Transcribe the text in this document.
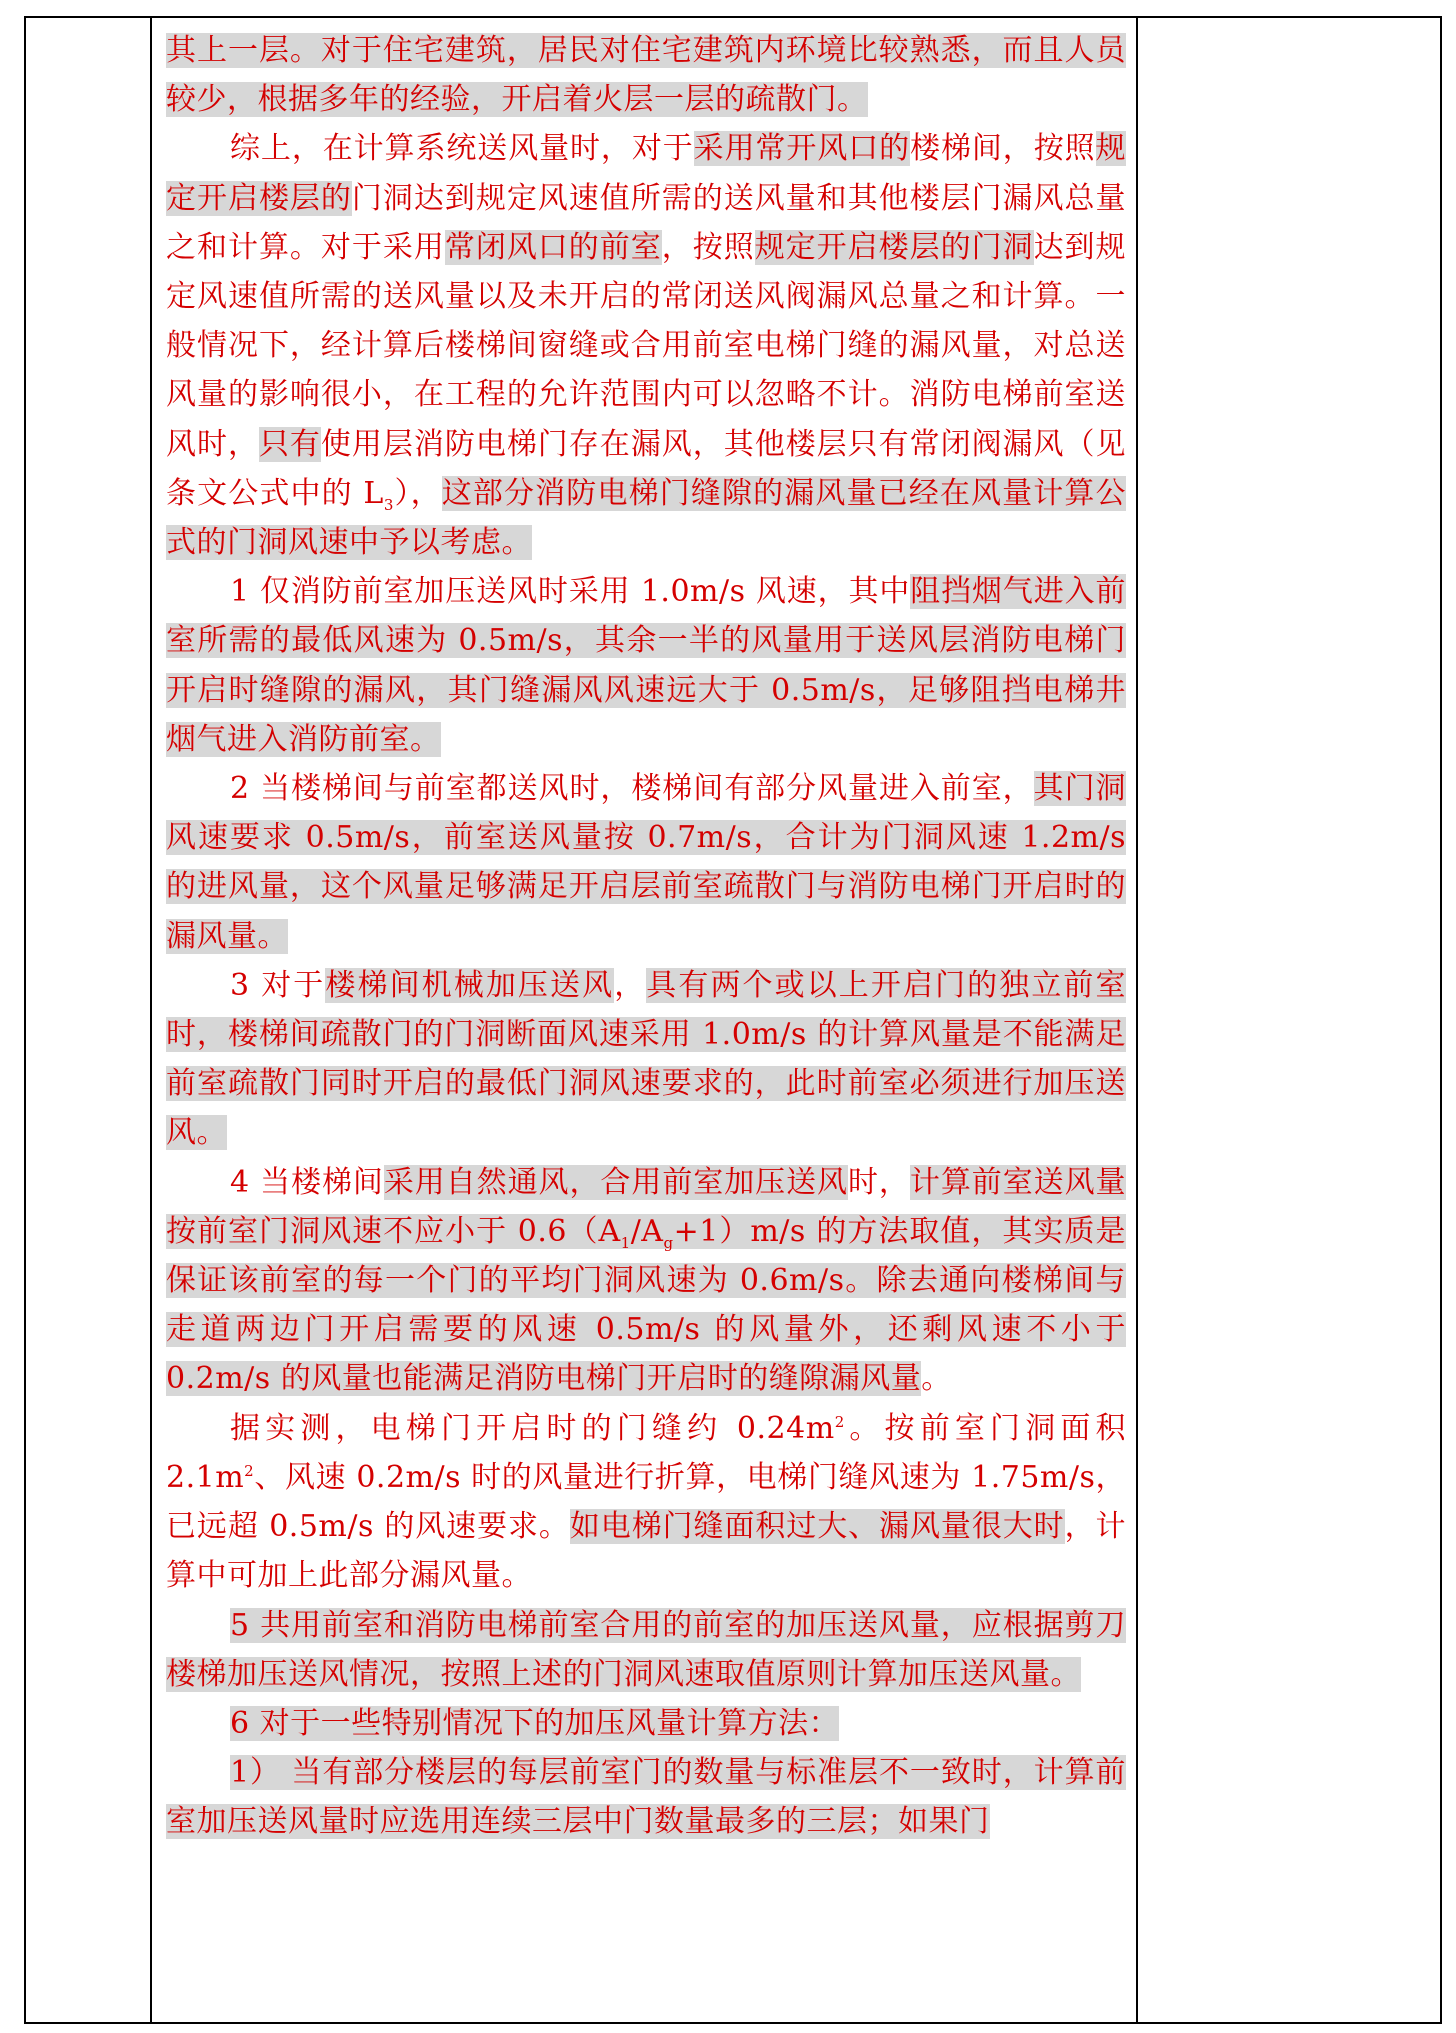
其上一层。对于住宅建筑，居民对住宅建筑内环境比较熟悉，而且人员较少，根据多年的经验，开启着火层一层的疏散门。

综上，在计算系统送风量时，对于采用常开风口的楼梯间，按照规定开启楼层的门洞达到规定风速值所需的送风量和其他楼层门漏风总量之和计算。对于采用常闭风口的前室，按照规定开启楼层的门洞达到规定风速值所需的送风量以及未开启的常闭送风阀漏风总量之和计算。一般情况下，经计算后楼梯间窗缝或合用前室电梯门缝的漏风量，对总送风量的影响很小，在工程的允许范围内可以忽略不计。消防电梯前室送风时，只有使用层消防电梯门存在漏风，其他楼层只有常闭阀漏风（见条文公式中的 $L_3$），这部分消防电梯门缝隙的漏风量已经在风量计算公式的门洞风速中予以考虑。

1 仅消防前室加压送风时采用 1.0m/s 风速，其中阻挡烟气进入前室所需的最低风速为 0.5m/s，其余一半的风量用于送风层消防电梯门开启时缝隙的漏风，其门缝漏风风速远大于 0.5m/s，足够阻挡电梯井烟气进入消防前室。

2 当楼梯间与前室都送风时，楼梯间有部分风量进入前室，其门洞风速要求 0.5m/s，前室送风量按 0.7m/s，合计为门洞风速 1.2m/s 的进风量，这个风量足够满足开启层前室疏散门与消防电梯门开启时的漏风量。

3 对于楼梯间机械加压送风，具有两个或以上开启门的独立前室时，楼梯间疏散门的门洞断面风速采用 1.0m/s 的计算风量是不能满足前室疏散门同时开启的最低门洞风速要求的，此时前室必须进行加压送风。

4 当楼梯间采用自然通风，合用前室加压送风时，计算前室送风量按前室门洞风速不应小于 $0.6(A_1/A_g+1)m/s$ 的方法取值，其实质是保证该前室的每一个门的平均门洞风速为 0.6m/s。除去通向楼梯间与走道两边门开启需要的风速 0.5m/s 的风量外，还剩风速不小于 0.2m/s 的风量也能满足消防电梯门开启时的缝隙漏风量。

据实测，电梯门开启时的门缝约 $0.24m^2$。按前室门洞面积 $2.1m^2$、风速 0.2m/s 时的风量进行折算，电梯门缝风速为 1.75m/s，已远超 0.5m/s 的风速要求。如电梯门缝面积过大、漏风量很大时，计算中可加上此部分漏风量。

5 共用前室和消防电梯前室合用的前室的加压送风量，应根据剪刀楼梯加压送风情况，按照上述的门洞风速取值原则计算加压送风量。

6 对于一些特别情况下的加压风量计算方法：

1） 当有部分楼层的每层前室门的数量与标准层不一致时，计算前室加压送风量时应选用连续三层中门数量最多的三层；如果门
